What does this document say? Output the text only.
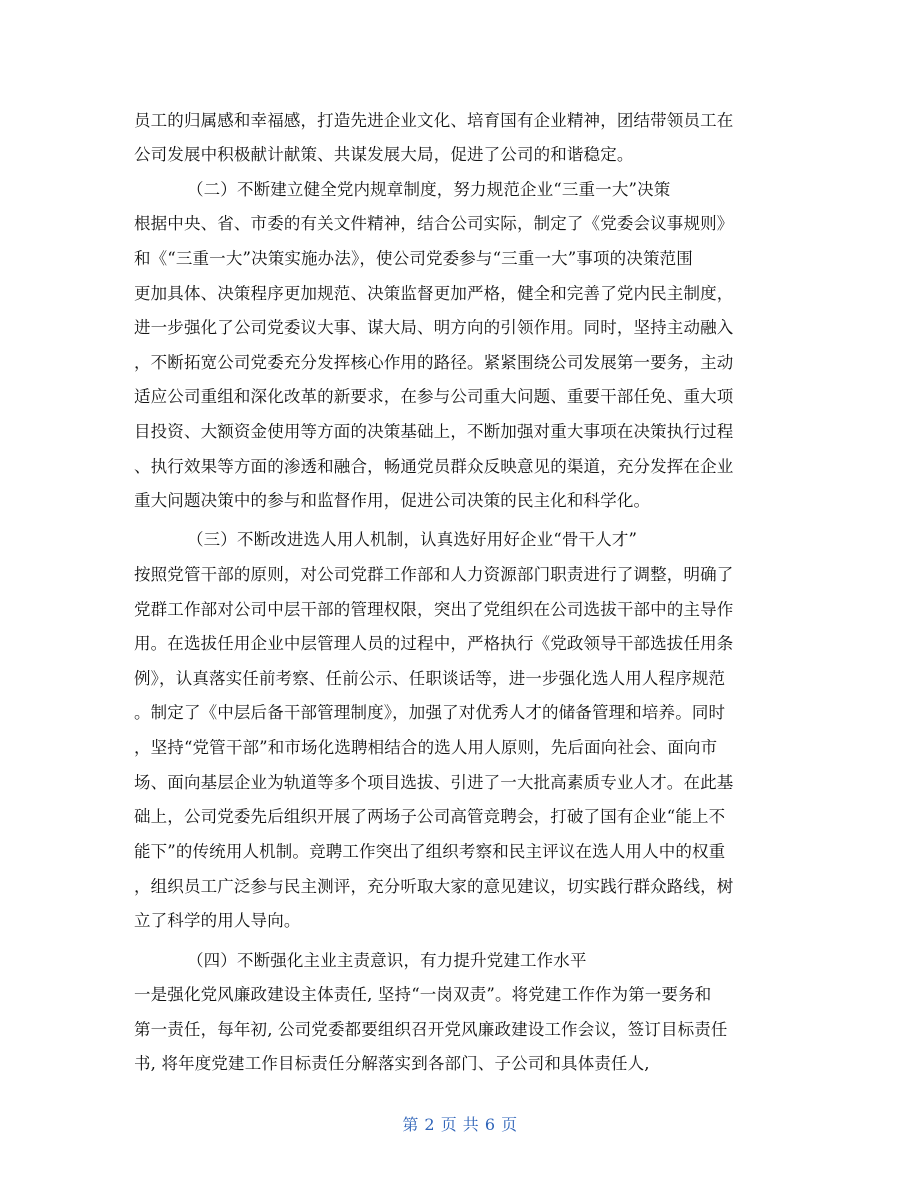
员工的归属感和幸福感，打造先进企业文化、培育国有企业精神，团结带领员工在
公司发展中积极献计献策、共谋发展大局，促进了公司的和谐稳定。
（二）不断建立健全党内规章制度，努力规范企业“三重一大”决策
根据中央、省、市委的有关文件精神，结合公司实际，制定了《党委会议事规则》
和《“三重一大”决策实施办法》，使公司党委参与“三重一大”事项的决策范围
更加具体、决策程序更加规范、决策监督更加严格，健全和完善了党内民主制度，
进一步强化了公司党委议大事、谋大局、明方向的引领作用。同时，坚持主动融入
，不断拓宽公司党委充分发挥核心作用的路径。紧紧围绕公司发展第一要务，主动
适应公司重组和深化改革的新要求，在参与公司重大问题、重要干部任免、重大项
目投资、大额资金使用等方面的决策基础上，不断加强对重大事项在决策执行过程
、执行效果等方面的渗透和融合，畅通党员群众反映意见的渠道，充分发挥在企业
重大问题决策中的参与和监督作用，促进公司决策的民主化和科学化。
（三）不断改进选人用人机制，认真选好用好企业“骨干人才”
按照党管干部的原则，对公司党群工作部和人力资源部门职责进行了调整，明确了
党群工作部对公司中层干部的管理权限，突出了党组织在公司选拔干部中的主导作
用。在选拔任用企业中层管理人员的过程中，严格执行《党政领导干部选拔任用条
例》，认真落实任前考察、任前公示、任职谈话等，进一步强化选人用人程序规范
。制定了《中层后备干部管理制度》，加强了对优秀人才的储备管理和培养。同时
，坚持“党管干部”和市场化选聘相结合的选人用人原则，先后面向社会、面向市
场、面向基层企业为轨道等多个项目选拔、引进了一大批高素质专业人才。在此基
础上，公司党委先后组织开展了两场子公司高管竞聘会，打破了国有企业“能上不
能下”的传统用人机制。竞聘工作突出了组织考察和民主评议在选人用人中的权重
，组织员工广泛参与民主测评，充分听取大家的意见建议，切实践行群众路线，树
立了科学的用人导向。
（四）不断强化主业主责意识，有力提升党建工作水平
一是强化党风廉政建设主体责任, 坚持“一岗双责”。将党建工作作为第一要务和
第一责任，每年初, 公司党委都要组织召开党风廉政建设工作会议，签订目标责任
书, 将年度党建工作目标责任分解落实到各部门、子公司和具体责任人,
第 2 页 共 6 页
